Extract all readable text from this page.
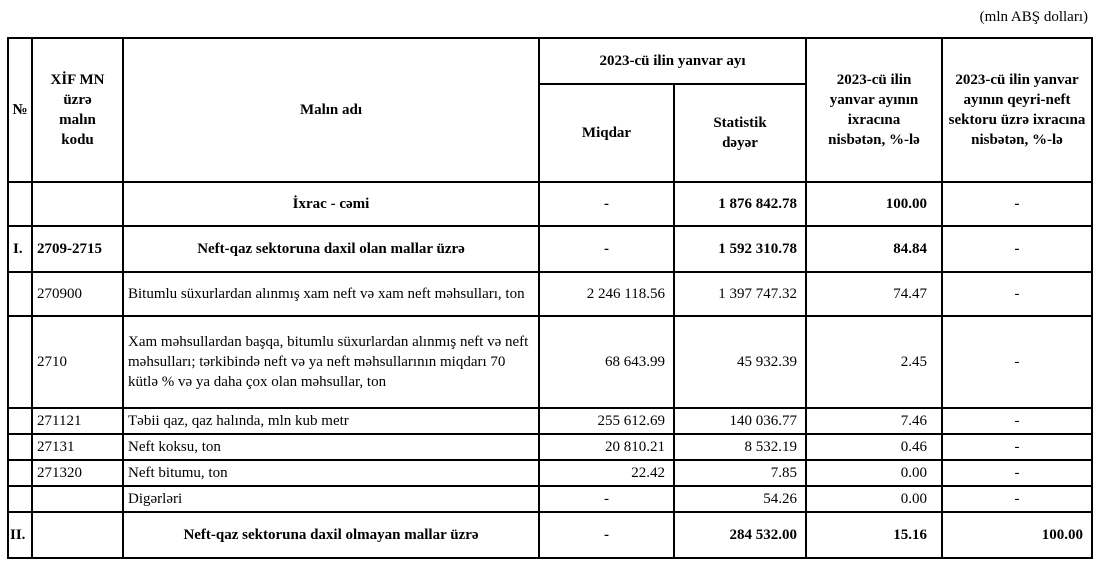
(mln ABŞ dolları)
№	XİF MN üzrə malın kodu	Malın adı	2023-cü ilin yanvar ayı		2023-cü ilin yanvar ayının ixracına nisbətən, %-lə	2023-cü ilin yanvar ayının qeyri-neft sektoru üzrə ixracına nisbətən, %-lə
			Miqdar	Statistik dəyər		
		İxrac - cəmi	-	1 876 842.78	100.00	-
I.	2709-2715	Neft-qaz sektoruna daxil olan mallar üzrə	-	1 592 310.78	84.84	-
	270900	Bitumlu süxurlardan alınmış xam neft və xam neft məhsulları, ton	2 246 118.56	1 397 747.32	74.47	-
	2710	Xam məhsullardan başqa, bitumlu süxurlardan alınmış neft və neft məhsulları; tərkibində neft və ya neft məhsullarının miqdarı 70 kütlə % və ya daha çox olan məhsullar, ton	68 643.99	45 932.39	2.45	-
	271121	Təbii qaz, qaz halında, mln kub metr	255 612.69	140 036.77	7.46	-
	27131	Neft koksu, ton	20 810.21	8 532.19	0.46	-
	271320	Neft bitumu, ton	22.42	7.85	0.00	-
		Digərləri	-	54.26	0.00	-
II.		Neft-qaz sektoruna daxil olmayan mallar üzrə	-	284 532.00	15.16	100.00
